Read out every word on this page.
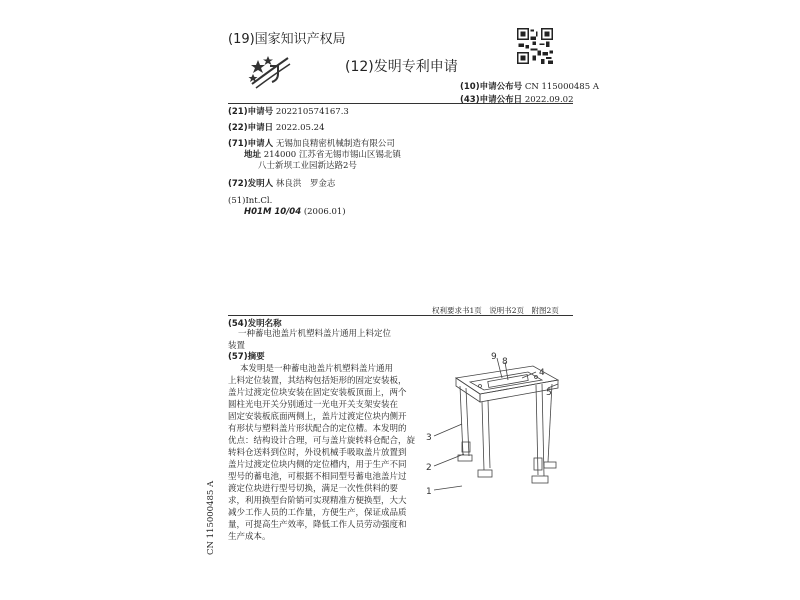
(19)国家知识产权局
(12)发明专利申请
(10)申请公布号 CN 115000485 A
(43)申请公布日 2022.09.02
(21)申请号 202210574167.3
(22)申请日 2022.05.24
(71)申请人 无锡加良精密机械制造有限公司
地址 214000 江苏省无锡市锡山区锡北镇
八士新坝工业园新达路2号
(72)发明人 林良洪　罗金志
(51)Int.Cl.
H01M 10/04 (2006.01)
权利要求书1页　说明书2页　附图2页
(54)发明名称
一种蓄电池盖片机塑料盖片通用上料定位
装置
(57)摘要
本发明是一种蓄电池盖片机塑料盖片通用
上料定位装置，其结构包括矩形的固定安装板，
盖片过渡定位块安装在固定安装板顶面上，两个
圆柱光电开关分别通过一光电开关支架安装在
固定安装板底面两侧上，盖片过渡定位块内侧开
有形状与塑料盖片形状配合的定位槽。本发明的
优点：结构设计合理，可与盖片旋转料仓配合，旋
转料仓送料到位时，外设机械手吸取盖片放置到
盖片过渡定位块内侧的定位槽内，用于生产不同
型号的蓄电池，可根据不相同型号蓄电池盖片过
渡定位块进行型号切换，满足一次性供料的要
求，利用换型台阶销可实现精准方便换型，大大
减少工作人员的工作量，方便生产，保证成品质
量，可提高生产效率，降低工作人员劳动强度和
生产成本。
9 8
4
5
3
2
1
CN 115000485 A
